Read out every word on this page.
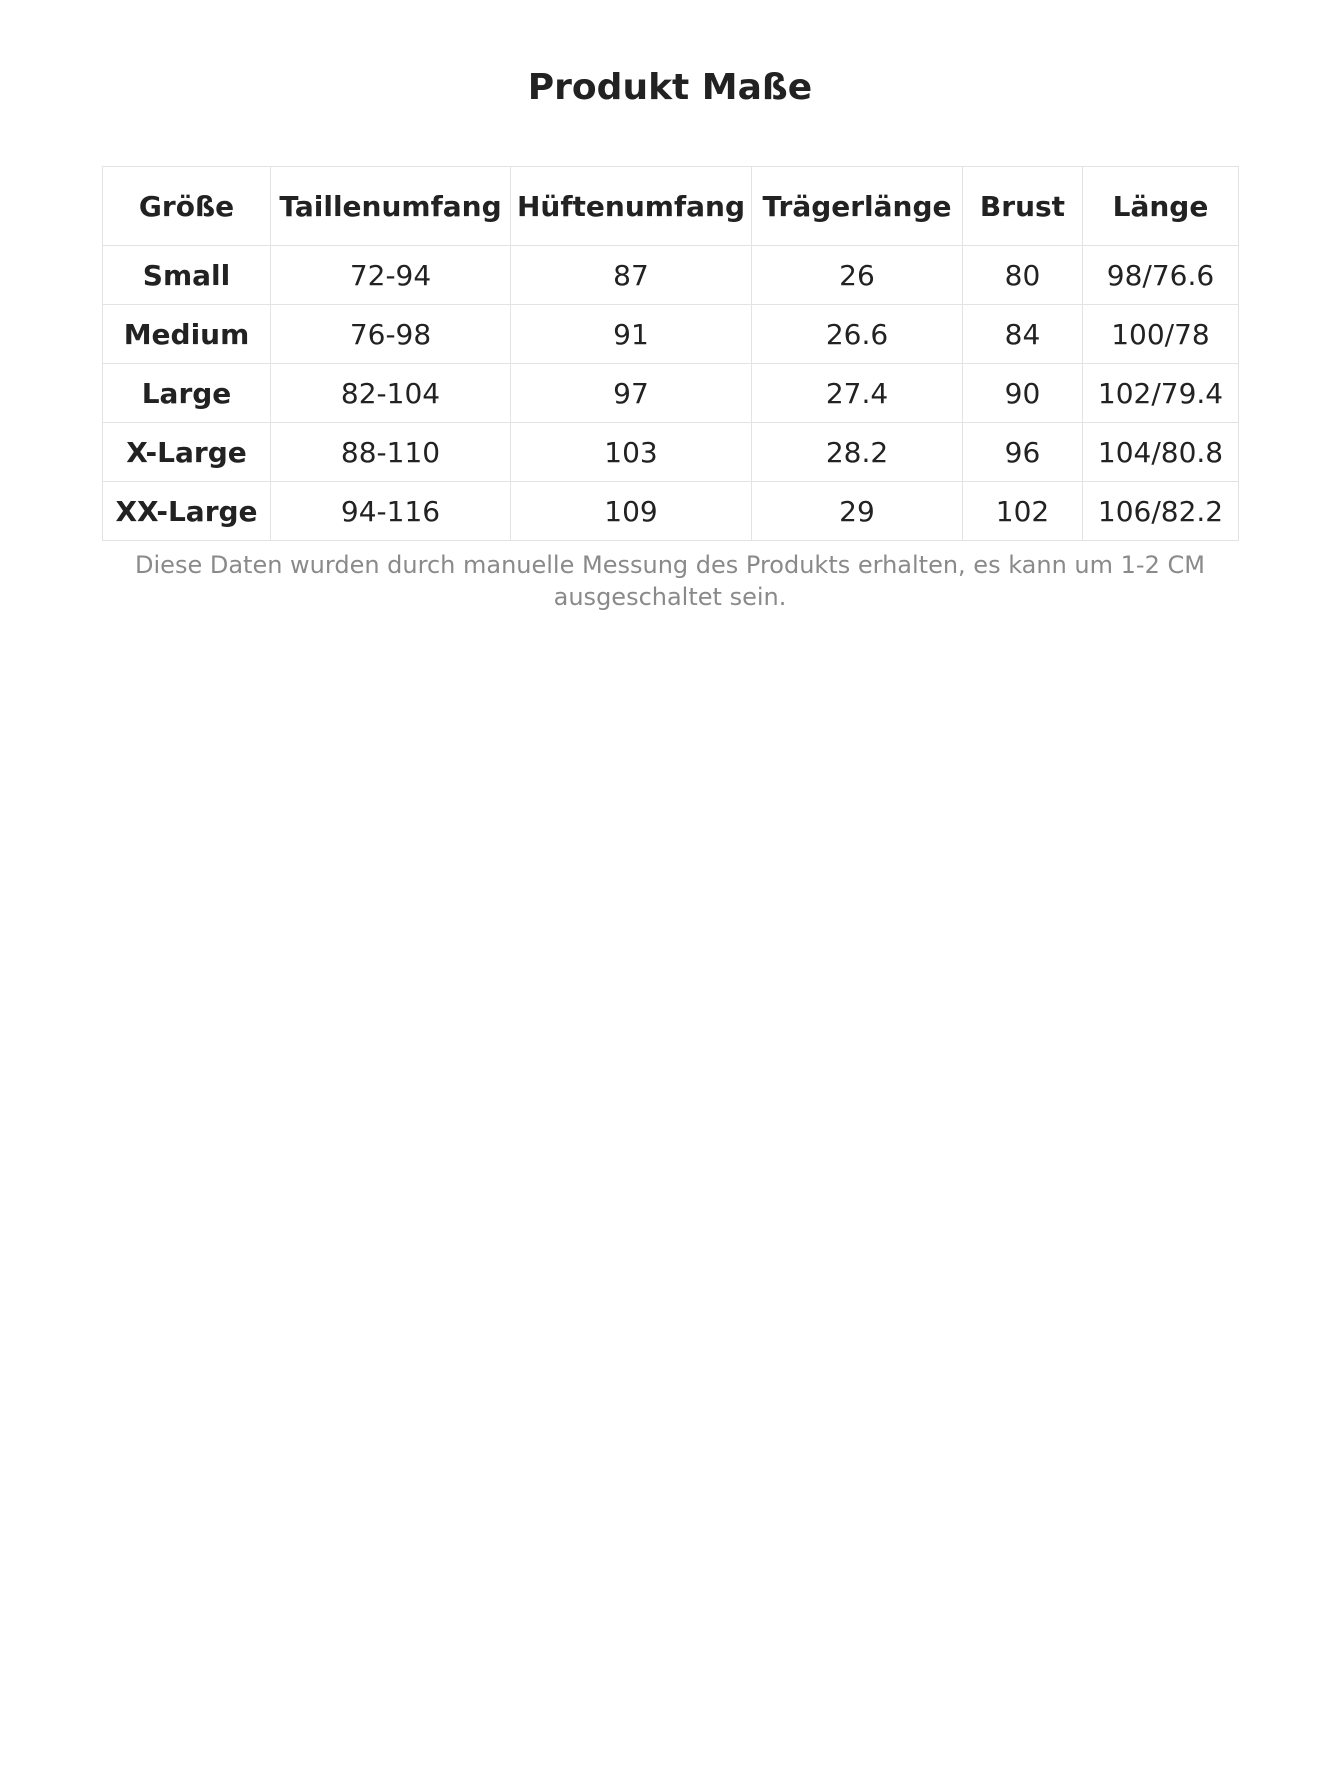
Produkt Maße
Größe	Taillenumfang	Hüftenumfang	Trägerlänge	Brust	Länge
Small	72-94	87	26	80	98/76.6
Medium	76-98	91	26.6	84	100/78
Large	82-104	97	27.4	90	102/79.4
X-Large	88-110	103	28.2	96	104/80.8
XX-Large	94-116	109	29	102	106/82.2

Diese Daten wurden durch manuelle Messung des Produkts erhalten, es kann um 1-2 CM ausgeschaltet sein.
